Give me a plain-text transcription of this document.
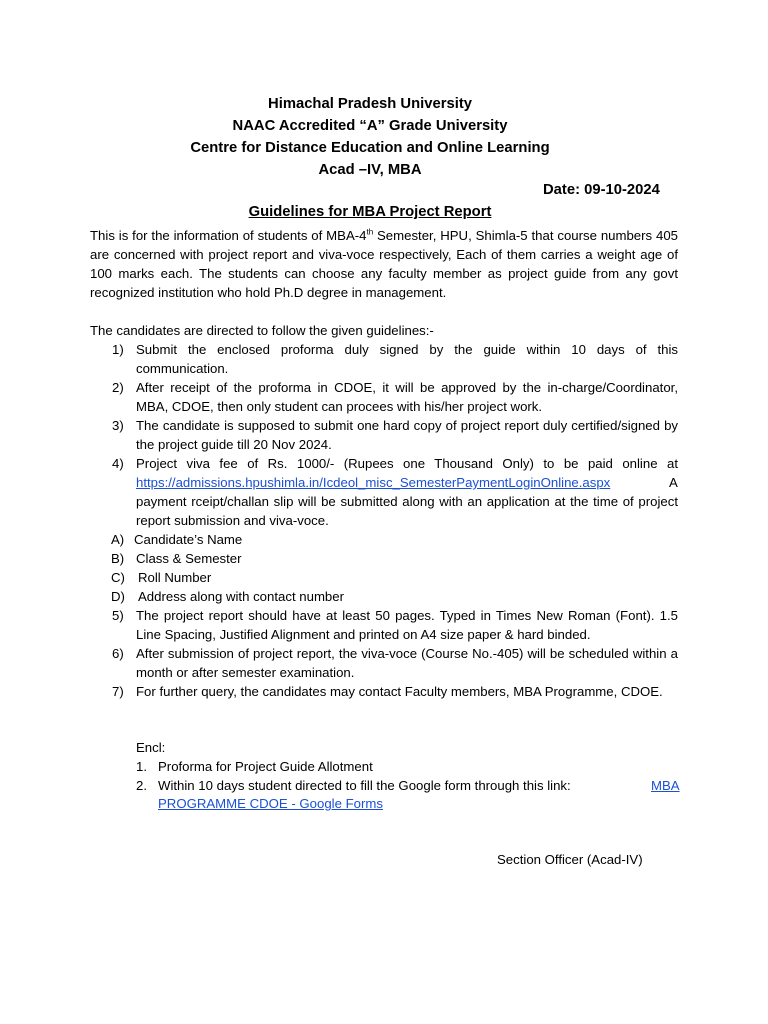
Himachal Pradesh University
NAAC Accredited “A” Grade University
Centre for Distance Education and Online Learning
Acad –IV, MBA
Date: 09-10-2024
Guidelines for MBA Project Report
This is for the information of students of MBA-4th Semester, HPU, Shimla-5 that course numbers 405 are concerned with project report and viva-voce respectively, Each of them carries a weight age of 100 marks each. The students can choose any faculty member as project guide from any govt recognized institution who hold Ph.D degree in management.
The candidates are directed to follow the given guidelines:-
1) Submit the enclosed proforma duly signed by the guide within 10 days of this communication.
2) After receipt of the proforma in CDOE, it will be approved by the in-charge/Coordinator, MBA, CDOE, then only student can procees with his/her project work.
3) The candidate is supposed to submit one hard copy of project report duly certified/signed by the project guide till 20 Nov 2024.
4) Project viva fee of Rs. 1000/- (Rupees one Thousand Only) to be paid online at
https://admissions.hpushimla.in/Icdeol_misc_SemesterPaymentLoginOnline.aspx	A
payment rceipt/challan slip will be submitted along with an application at the time of project report submission and viva-voce.
A) Candidate’s Name
B) Class & Semester
C) Roll Number
D) Address along with contact number
5) The project report should have at least 50 pages. Typed in Times New Roman (Font). 1.5 Line Spacing, Justified Alignment and printed on A4 size paper & hard binded.
6) After submission of project report, the viva-voce (Course No.-405) will be scheduled within a month or after semester examination.
7) For further query, the candidates may contact Faculty members, MBA Programme, CDOE.
Encl:
1. Proforma for Project Guide Allotment
2. Within 10 days student directed to fill the Google form through this link:	MBA
PROGRAMME CDOE - Google Forms
Section Officer (Acad-IV)
